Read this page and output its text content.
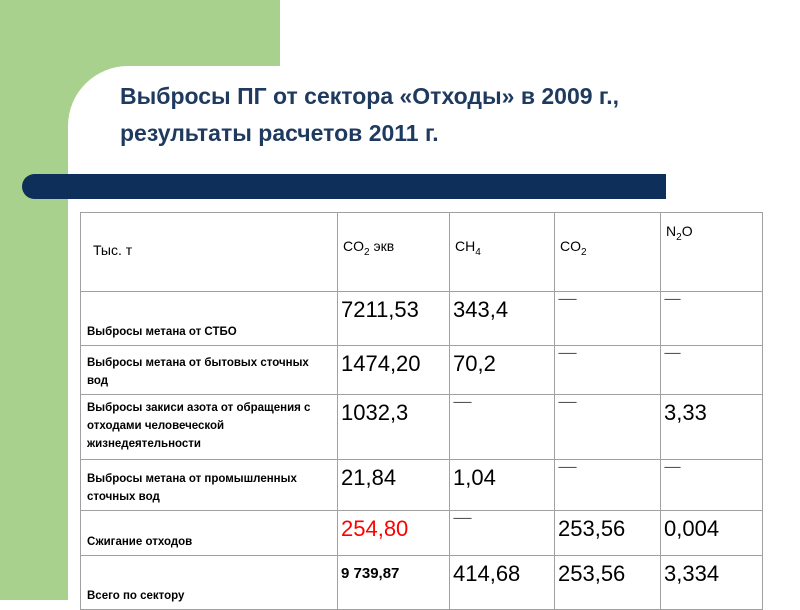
Выбросы ПГ от сектора «Отходы» в 2009 г.,
результаты расчетов 2011 г.
Тыс. т	$CO_2$ экв	$CH_4$	$CO_2$	$N_2O$
Выбросы метана от СТБО	7211,53	343,4	---------	--------
Выбросы метана от бытовых сточных вод	1474,20	70,2	---------	--------
Выбросы закиси азота от обращения с отходами человеческой жизнедеятельности	1032,3	---------	---------	3,33
Выбросы метана от промышленных сточных вод	21,84	1,04	---------	--------
Сжигание отходов	254,80	---------	253,56	0,004
Всего по сектору	9 739,87	414,68	253,56	3,334
